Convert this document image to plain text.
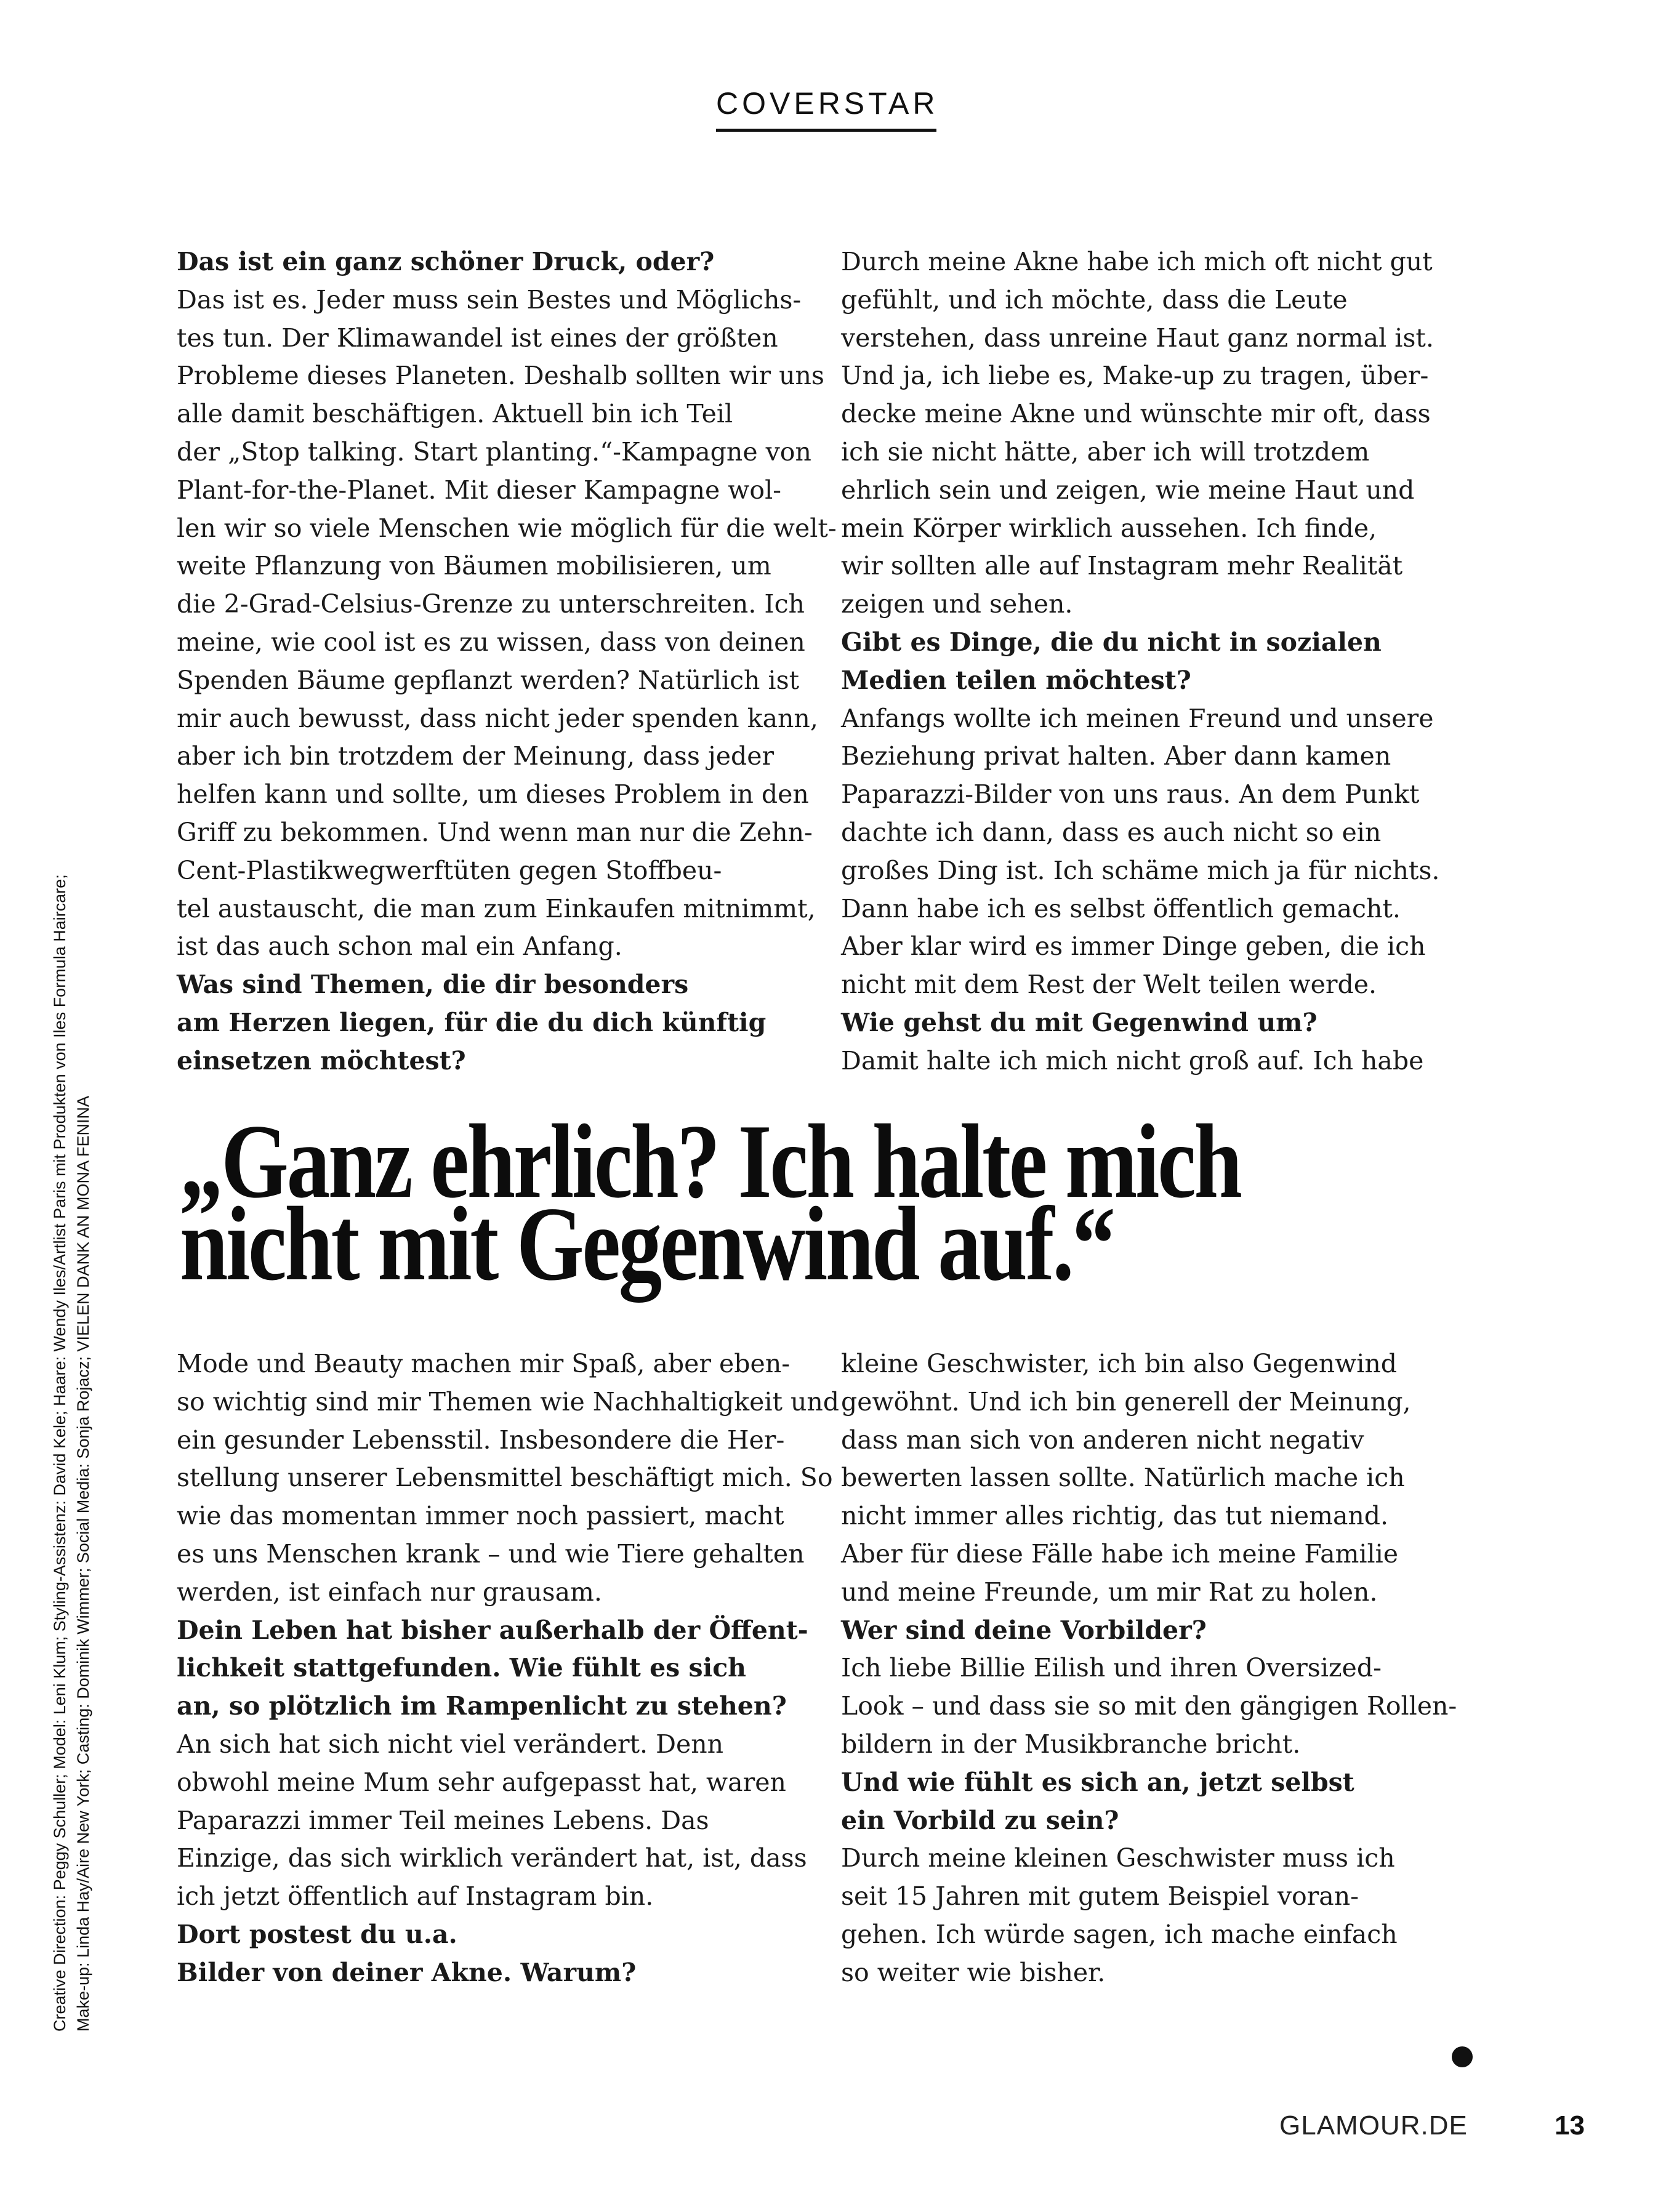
COVERSTAR
Creative Direction: Peggy Schuller; Model: Leni Klum; Styling-Assistenz: David Kele; Haare: Wendy Iles/Artlist Paris mit Produkten von Iles Formula Haircare; Make-up: Linda Hay/Aire New York; Casting: Dominik Wimmer; Social Media: Sonja Rojacz; VIELEN DANK AN MONA FENINA
Das ist ein ganz schöner Druck, oder?
Das ist es. Jeder muss sein Bestes und Möglichs-
tes tun. Der Klimawandel ist eines der größten
Probleme dieses Planeten. Deshalb sollten wir uns
alle damit beschäftigen. Aktuell bin ich Teil
der „Stop talking. Start planting.“-Kampagne von
Plant-for-the-Planet. Mit dieser Kampagne wol-
len wir so viele Menschen wie möglich für die welt-
weite Pflanzung von Bäumen mobilisieren, um
die 2-Grad-Celsius-Grenze zu unterschreiten. Ich
meine, wie cool ist es zu wissen, dass von deinen
Spenden Bäume gepflanzt werden? Natürlich ist
mir auch bewusst, dass nicht jeder spenden kann,
aber ich bin trotzdem der Meinung, dass jeder
helfen kann und sollte, um dieses Problem in den
Griff zu bekommen. Und wenn man nur die Zehn-
Cent-Plastikwegwerftüten gegen Stoffbeu-
tel austauscht, die man zum Einkaufen mitnimmt,
ist das auch schon mal ein Anfang.
Was sind Themen, die dir besonders
am Herzen liegen, für die du dich künftig
einsetzen möchtest?
Durch meine Akne habe ich mich oft nicht gut
gefühlt, und ich möchte, dass die Leute
verstehen, dass unreine Haut ganz normal ist.
Und ja, ich liebe es, Make-up zu tragen, über-
decke meine Akne und wünschte mir oft, dass
ich sie nicht hätte, aber ich will trotzdem
ehrlich sein und zeigen, wie meine Haut und
mein Körper wirklich aussehen. Ich finde,
wir sollten alle auf Instagram mehr Realität
zeigen und sehen.
Gibt es Dinge, die du nicht in sozialen
Medien teilen möchtest?
Anfangs wollte ich meinen Freund und unsere
Beziehung privat halten. Aber dann kamen
Paparazzi-Bilder von uns raus. An dem Punkt
dachte ich dann, dass es auch nicht so ein
großes Ding ist. Ich schäme mich ja für nichts.
Dann habe ich es selbst öffentlich gemacht.
Aber klar wird es immer Dinge geben, die ich
nicht mit dem Rest der Welt teilen werde.
Wie gehst du mit Gegenwind um?
Damit halte ich mich nicht groß auf. Ich habe
„Ganz ehrlich? Ich halte mich
nicht mit Gegenwind auf.“
Mode und Beauty machen mir Spaß, aber eben-
so wichtig sind mir Themen wie Nachhaltigkeit und
ein gesunder Lebensstil. Insbesondere die Her-
stellung unserer Lebensmittel beschäftigt mich. So
wie das momentan immer noch passiert, macht
es uns Menschen krank – und wie Tiere gehalten
werden, ist einfach nur grausam.
Dein Leben hat bisher außerhalb der Öffent-
lichkeit stattgefunden. Wie fühlt es sich
an, so plötzlich im Rampenlicht zu stehen?
An sich hat sich nicht viel verändert. Denn
obwohl meine Mum sehr aufgepasst hat, waren
Paparazzi immer Teil meines Lebens. Das
Einzige, das sich wirklich verändert hat, ist, dass
ich jetzt öffentlich auf Instagram bin.
Dort postest du u.a.
Bilder von deiner Akne. Warum?
kleine Geschwister, ich bin also Gegenwind
gewöhnt. Und ich bin generell der Meinung,
dass man sich von anderen nicht negativ
bewerten lassen sollte. Natürlich mache ich
nicht immer alles richtig, das tut niemand.
Aber für diese Fälle habe ich meine Familie
und meine Freunde, um mir Rat zu holen.
Wer sind deine Vorbilder?
Ich liebe Billie Eilish und ihren Oversized-
Look – und dass sie so mit den gängigen Rollen-
bildern in der Musikbranche bricht.
Und wie fühlt es sich an, jetzt selbst
ein Vorbild zu sein?
Durch meine kleinen Geschwister muss ich
seit 15 Jahren mit gutem Beispiel voran-
gehen. Ich würde sagen, ich mache einfach
so weiter wie bisher.
GLAMOUR.DE	13
